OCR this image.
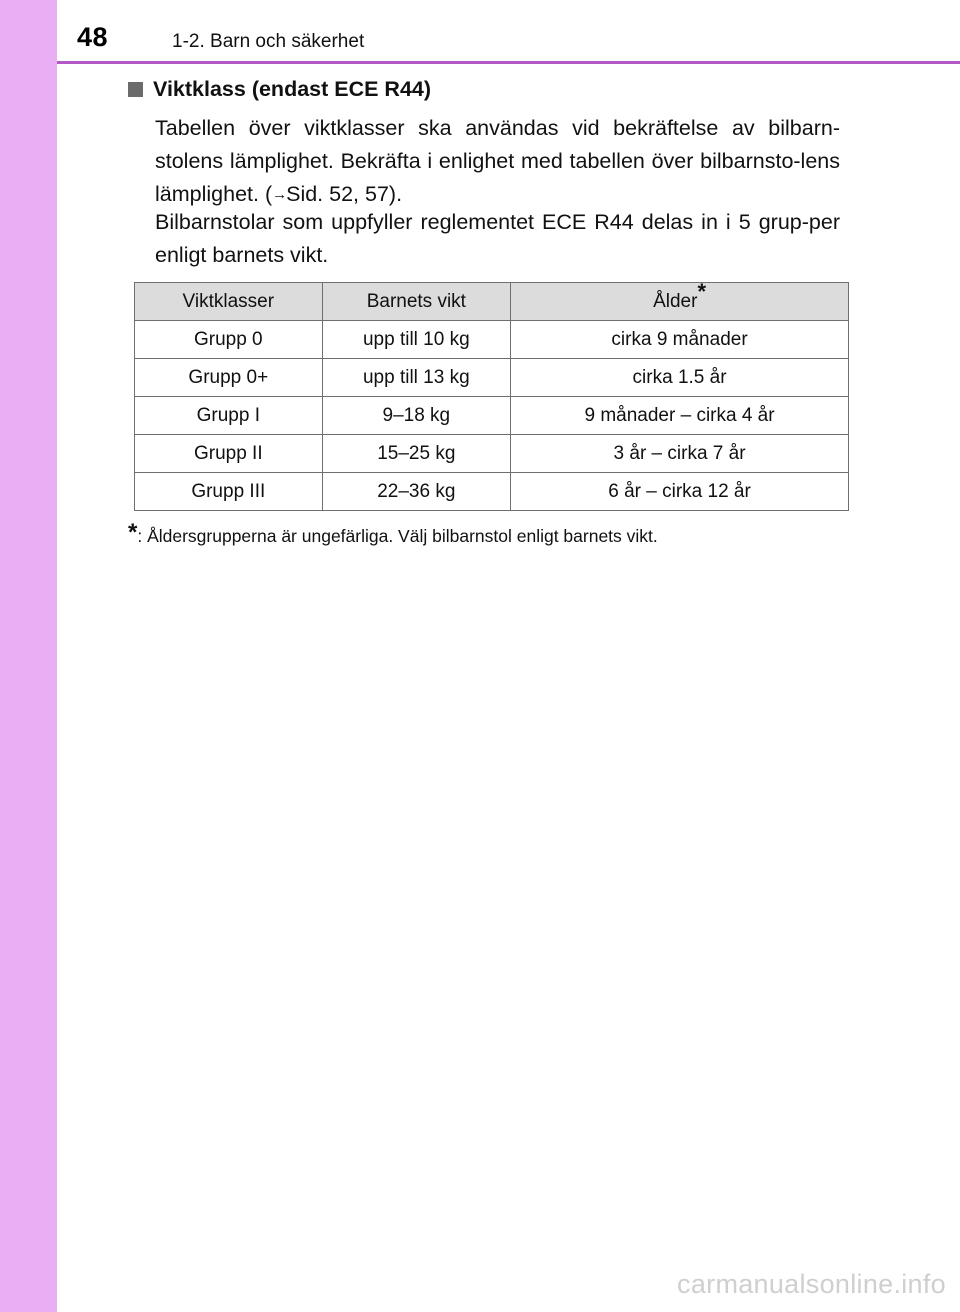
48	1-2. Barn och säkerhet
Viktklass (endast ECE R44)

Tabellen över viktklasser ska användas vid bekräftelse av bilbarn-stolens lämplighet. Bekräfta i enlighet med tabellen över bilbarnsto-lens lämplighet. (→Sid. 52, 57).

Bilbarnstolar som uppfyller reglementet ECE R44 delas in i 5 grup-per enligt barnets vikt.

Viktklasser	Barnets vikt	Ålder*
Grupp 0	upp till 10 kg	cirka 9 månader
Grupp 0+	upp till 13 kg	cirka 1.5 år
Grupp I	9–18 kg	9 månader – cirka 4 år
Grupp II	15–25 kg	3 år – cirka 7 år
Grupp III	22–36 kg	6 år – cirka 12 år
*: Åldersgrupperna är ungefärliga. Välj bilbarnstol enligt barnets vikt.
carmanualsonline.info
